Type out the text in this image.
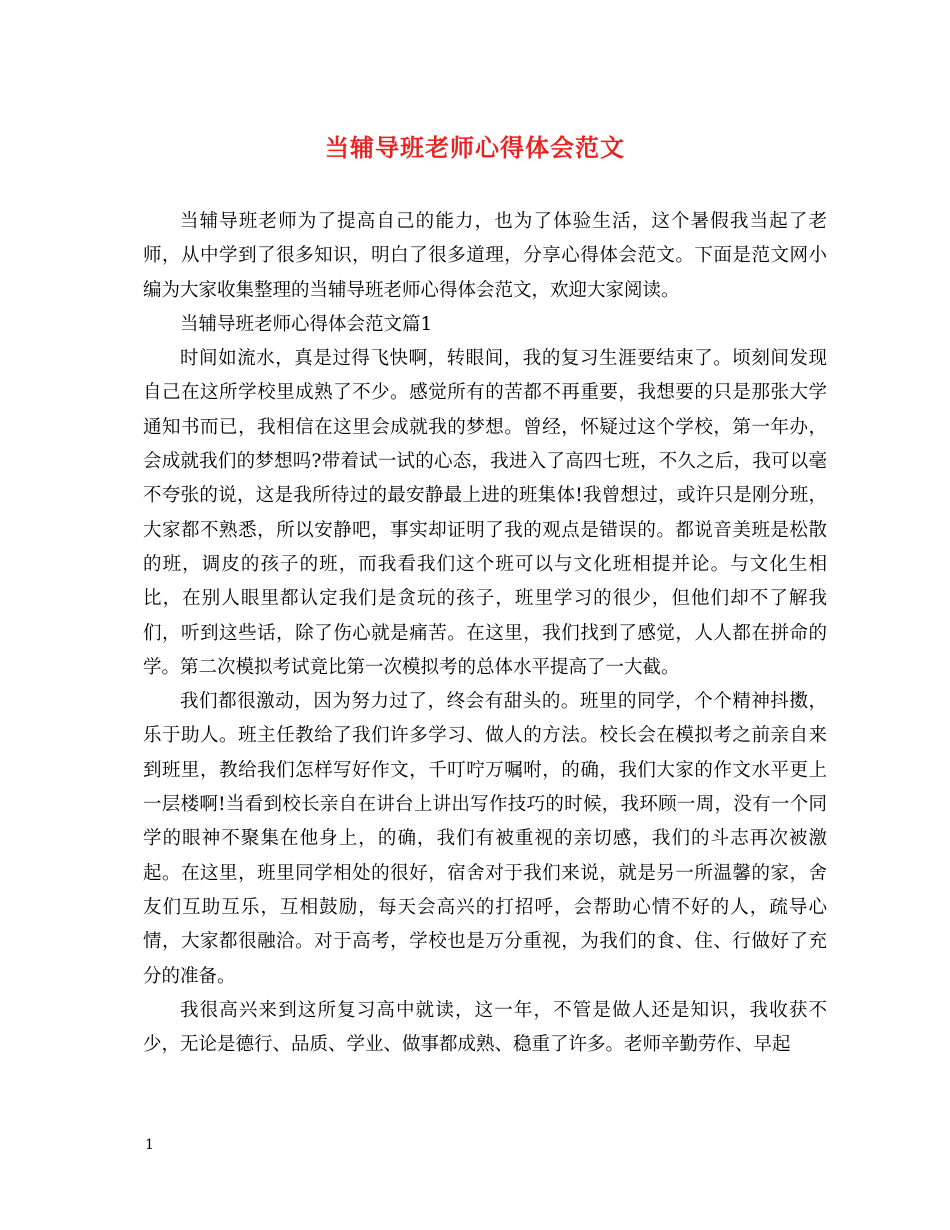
当辅导班老师心得体会范文

当辅导班老师为了提高自己的能力，也为了体验生活，这个暑假我当起了老师，从中学到了很多知识，明白了很多道理，分享心得体会范文。下面是范文网小编为大家收集整理的当辅导班老师心得体会范文，欢迎大家阅读。

当辅导班老师心得体会范文篇1

时间如流水，真是过得飞快啊，转眼间，我的复习生涯要结束了。顷刻间发现自己在这所学校里成熟了不少。感觉所有的苦都不再重要，我想要的只是那张大学通知书而已，我相信在这里会成就我的梦想。曾经，怀疑过这个学校，第一年办，会成就我们的梦想吗?带着试一试的心态，我进入了高四七班，不久之后，我可以毫不夸张的说，这是我所待过的最安静最上进的班集体!我曾想过，或许只是刚分班，大家都不熟悉，所以安静吧，事实却证明了我的观点是错误的。都说音美班是松散的班，调皮的孩子的班，而我看我们这个班可以与文化班相提并论。与文化生相比，在别人眼里都认定我们是贪玩的孩子，班里学习的很少，但他们却不了解我们，听到这些话，除了伤心就是痛苦。在这里，我们找到了感觉，人人都在拼命的学。第二次模拟考试竟比第一次模拟考的总体水平提高了一大截。

我们都很激动，因为努力过了，终会有甜头的。班里的同学，个个精神抖擞，乐于助人。班主任教给了我们许多学习、做人的方法。校长会在模拟考之前亲自来到班里，教给我们怎样写好作文，千叮咛万嘱咐，的确，我们大家的作文水平更上一层楼啊!当看到校长亲自在讲台上讲出写作技巧的时候，我环顾一周，没有一个同学的眼神不聚集在他身上，的确，我们有被重视的亲切感，我们的斗志再次被激起。在这里，班里同学相处的很好，宿舍对于我们来说，就是另一所温馨的家，舍友们互助互乐，互相鼓励，每天会高兴的打招呼，会帮助心情不好的人，疏导心情，大家都很融洽。对于高考，学校也是万分重视，为我们的食、住、行做好了充分的准备。

我很高兴来到这所复习高中就读，这一年，不管是做人还是知识，我收获不少，无论是德行、品质、学业、做事都成熟、稳重了许多。老师辛勤劳作、早起

1
